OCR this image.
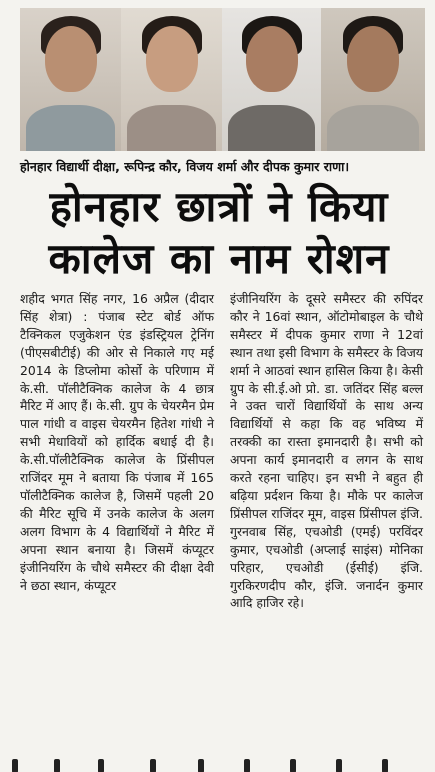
होनहार विद्यार्थी दीक्षा, रूपिन्द्र कौर, विजय शर्मा और दीपक कुमार राणा।
होनहार छात्रों ने किया
कालेज का नाम रोशन

शहीद भगत सिंह नगर, 16 अप्रैल (दीदार सिंह शेत्रा) : पंजाब स्टेट बोर्ड ऑफ टैक्निकल एजुकेशन एंड इंडस्ट्रियल ट्रेनिंग (पीएसबीटीई) की ओर से निकाले गए मई 2014 के डिप्लोमा कोर्सो के परिणाम में के.सी. पॉलीटैक्निक कालेज के 4 छात्र मैरिट में आए हैं। के.सी. ग्रुप के चेयरमैन प्रेम पाल गांधी व वाइस चेयरमैन हितेश गांधी ने सभी मेधावियों को हार्दिक बधाई दी है। के.सी.पॉलीटैक्निक कालेज के प्रिंसीपल राजिंदर मूम ने बताया कि पंजाब में 165 पॉलीटैक्निक कालेज है, जिसमें पहली 20 की मैरिट सूचि में उनके कालेज के अलग अलग विभाग के 4 विद्यार्थियों ने मैरिट में अपना स्थान बनाया है। जिसमें कंप्यूटर इंजीनियरिंग के चौथे समैस्टर की दीक्षा देवी ने छठा स्थान, कंप्यूटर

इंजीनियरिंग के दूसरे समैस्टर की रुपिंदर कौर ने 16वां स्थान, ऑटोमोबाइल के चौथे समैस्टर में दीपक कुमार राणा ने 12वां स्थान तथा इसी विभाग के समैस्टर के विजय शर्मा ने आठवां स्थान हासिल किया है। केसी ग्रुप के सी.ई.ओ प्रो. डा. जतिंदर सिंह बल्ल ने उक्त चारों विद्यार्थियों के साथ अन्य विद्यार्थियों से कहा कि वह भविष्य में तरक्की का रास्ता इमानदारी है। सभी को अपना कार्य इमानदारी व लगन के साथ करते रहना चाहिए। इन सभी ने बहुत ही बढ़िया प्रर्दशन किया है। मौके पर कालेज प्रिंसीपल राजिंदर मूम, वाइस प्रिंसीपल इंजि. गुरनवाब सिंह, एचओडी (एमई) परविंदर कुमार, एचओडी (अप्लाई साइंस) मोनिका परिहार, एचओडी (ईसीई) इंजि. गुरकिरणदीप कौर, इंजि. जनार्दन कुमार आदि हाजिर रहे।
